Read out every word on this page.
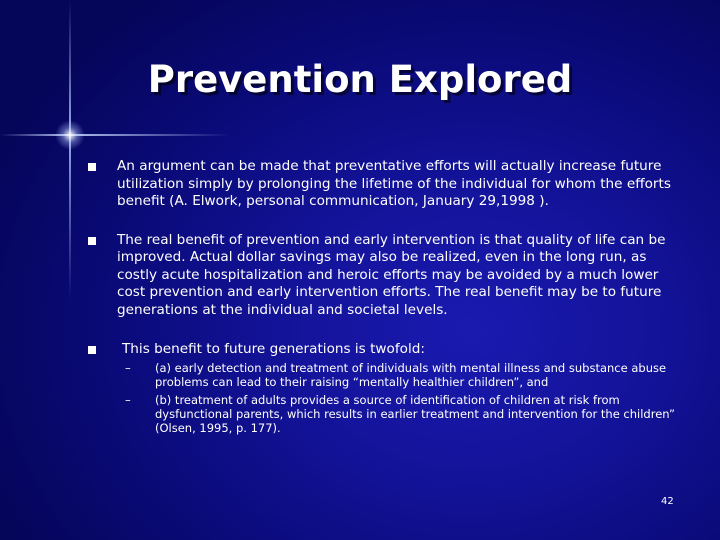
Prevention Explored
An argument can be made that preventative efforts will actually increase future utilization simply by prolonging the lifetime of the individual for whom the efforts benefit (A. Elwork, personal communication, January 29,1998 ).
The real benefit of prevention and early intervention is that quality of life can be improved. Actual dollar savings may also be realized, even in the long run, as costly acute hospitalization and heroic efforts may be avoided by a much lower cost prevention and early intervention efforts. The real benefit may be to future generations at the individual and societal levels.
This benefit to future generations is twofold:
– (a) early detection and treatment of individuals with mental illness and substance abuse problems can lead to their raising “mentally healthier children”, and
– (b) treatment of adults provides a source of identification of children at risk from dysfunctional parents, which results in earlier treatment and intervention for the children” (Olsen, 1995, p. 177).
42
